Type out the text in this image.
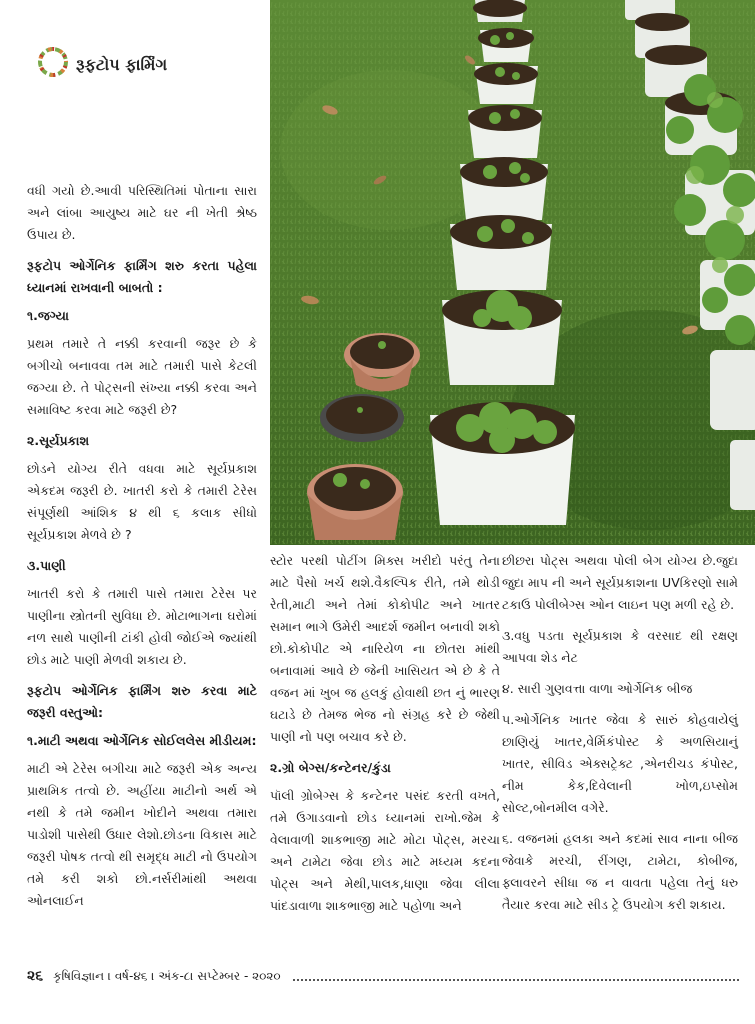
રૂફટોપ ફાર્મિંગ

વધી ગયો છે.આવી પરિસ્થિતિમાં પોતાના સારા અને લાંબા આયુષ્ય માટે ઘર ની ખેતી શ્રેષ્ઠ ઉપાય છે.

રૂફટોપ ઓર્ગેનિક ફાર્મિંગ શરુ કરતા પહેલા ધ્યાનમાં રાખવાની બાબતો :
૧.જગ્યા

પ્રથમ તમારે તે નક્કી કરવાની જરૂર છે કે બગીચો બનાવવા તમ માટે તમારી પાસે કેટલી જગ્યા છે. તે પોટ્સની સંખ્યા નક્કી કરવા અને સમાવિષ્ટ કરવા માટે જરૂરી છે?

૨.સૂર્યપ્રકાશ

છોડને યોગ્ય રીતે વધવા માટે સૂર્યપ્રકાશ એકદમ જરૂરી છે. ખાતરી કરો કે તમારી ટેરેસ સંપૂર્ણથી આંશિક ૪ થી ૬ કલાક સીધો સૂર્યપ્રકાશ મેળવે છે ?

૩.પાણી

ખાતરી કરો કે તમારી પાસે તમારા ટેરેસ પર પાણીના સ્ત્રોતની સુવિધા છે. મોટાભાગના ઘરોમાં નળ સાથે પાણીની ટાંકી હોવી જોઈએ જ્યાંથી છોડ માટે પાણી મેળવી શકાય છે.

રૂફટોપ ઓર્ગેનિક ફાર્મિંગ શરુ કરવા માટે જરૂરી વસ્તુઓ:
૧.માટી અથવા ઓર્ગેનિક સોઈલલેસ મીડીયમ:

માટી એ ટેરેસ બગીચા માટે જરૂરી એક અન્ય પ્રાથમિક તત્વો છે. અહીંયા માટીનો અર્થ એ નથી કે તમે જમીન ખોદીને અથવા તમારા પાડોશી પાસેથી ઉધાર લેશો.છોડના વિકાસ માટે જરૂરી પોષક તત્વો થી સમૃદ્ધ માટી નો ઉપયોગ તમે કરી શકો છો.નર્સરીમાંથી અથવા ઓનલાઈન

સ્ટોર પરથી પોટીંગ મિક્સ ખરીદો પરંતુ તેના માટે પૈસો ખર્ચ થશે.વૈકલ્પિક રીતે, તમે થોડી રેતી,માટી અને તેમાં કોકોપીટ અને ખાતર સમાન ભાગે ઉમેરી આદર્શ જમીન બનાવી શકો છો.કોકોપીટ એ નારિયેળ ના છોતરા માંથી બનાવામાં આવે છે જેની ખાસિયત એ છે કે તે વજન માં ખુબ જ હલકું હોવાથી છત નું ભારણ ઘટાડે છે તેમજ ભેજ નો સંગ્રહ કરે છે જેથી પાણી નો પણ બચાવ કરે છે.

૨.ગ્રો બેગ્સ/કન્ટેનર/કુંડા

પૉલી ગ્રોબેગ્સ કે કન્ટેનર પસંદ કરતી વખતે, તમે ઉગાડવાનો છોડ ધ્યાનમાં રાખો.જેમ કે વેલાવાળી શાકભાજી માટે મોટા પોટ્સ, મરચા અને ટામેટા જેવા છોડ માટે મધ્યમ કદના પોટ્સ અને મેથી,પાલક,ધાણા જેવા લીલા પાંદડાવાળા શાકભાજી માટે પહોળા અને

છીછરા પોટ્સ અથવા પોલી બેગ યોગ્ય છે.જુદા જુદા માપ ની અને સૂર્યપ્રકાશના UVકિરણો સામે ટકાઉ પોલીબેગ્સ ઓન લાઇન પણ મળી રહે છે.

૩.વધુ પડતા સૂર્યપ્રકાશ કે વરસાદ થી રક્ષણ આપવા શેડ નેટ

૪. સારી ગુણવત્તા વાળા ઓર્ગેનિક બીજ

૫.ઓર્ગેનિક ખાતર જેવા કે સારું કોહવાયેલું છાણિયું ખાતર,વેર્મિકંપોસ્ટ કે અળસિયાનું ખાતર, સીવિડ એક્સટ્રેક્ટ ,એનરીચડ કંપોસ્ટ, નીમ કેક,દિવેલાની ખોળ,ઇપ્સોમ સોલ્ટ,બોનમીલ વગેરે.

૬. વજનમાં હલકા અને કદમાં સાવ નાના બીજ જેવાકે મરચી, રીંગણ, ટામેટા, કોબીજ, ફ્લાવરને સીધા જ ન વાવતા પહેલા તેનું ધરુ તૈયાર કરવા માટે સીડ ટ્રે ઉપયોગ કરી શકાય.

૨૬ કૃષિવિજ્ઞાન । વર્ષ-૪૬ । અંક-૮। સપ્ટેમ્બર - ૨૦૨૦
